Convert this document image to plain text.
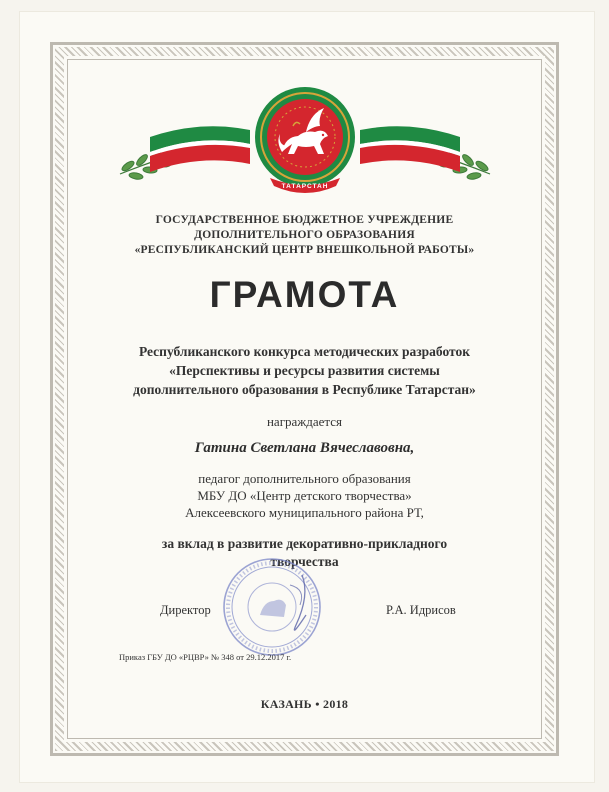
ТАТАРСТАН
ГОСУДАРСТВЕННОЕ БЮДЖЕТНОЕ УЧРЕЖДЕНИЕ
ДОПОЛНИТЕЛЬНОГО ОБРАЗОВАНИЯ
«РЕСПУБЛИКАНСКИЙ ЦЕНТР ВНЕШКОЛЬНОЙ РАБОТЫ»
ГРАМОТА
Республиканского конкурса методических разработок
«Перспективы и ресурсы развития системы
дополнительного образования в Республике Татарстан»
награждается
Гатина Светлана Вячеславовна,
педагог дополнительного образования
МБУ ДО «Центр детского творчества»
Алексеевского муниципального района РТ,
за вклад в развитие декоративно-прикладного
творчества
Директор	Р.А. Идрисов
Приказ ГБУ ДО «РЦВР» № 348 от 29.12.2017 г.
КАЗАНЬ • 2018
